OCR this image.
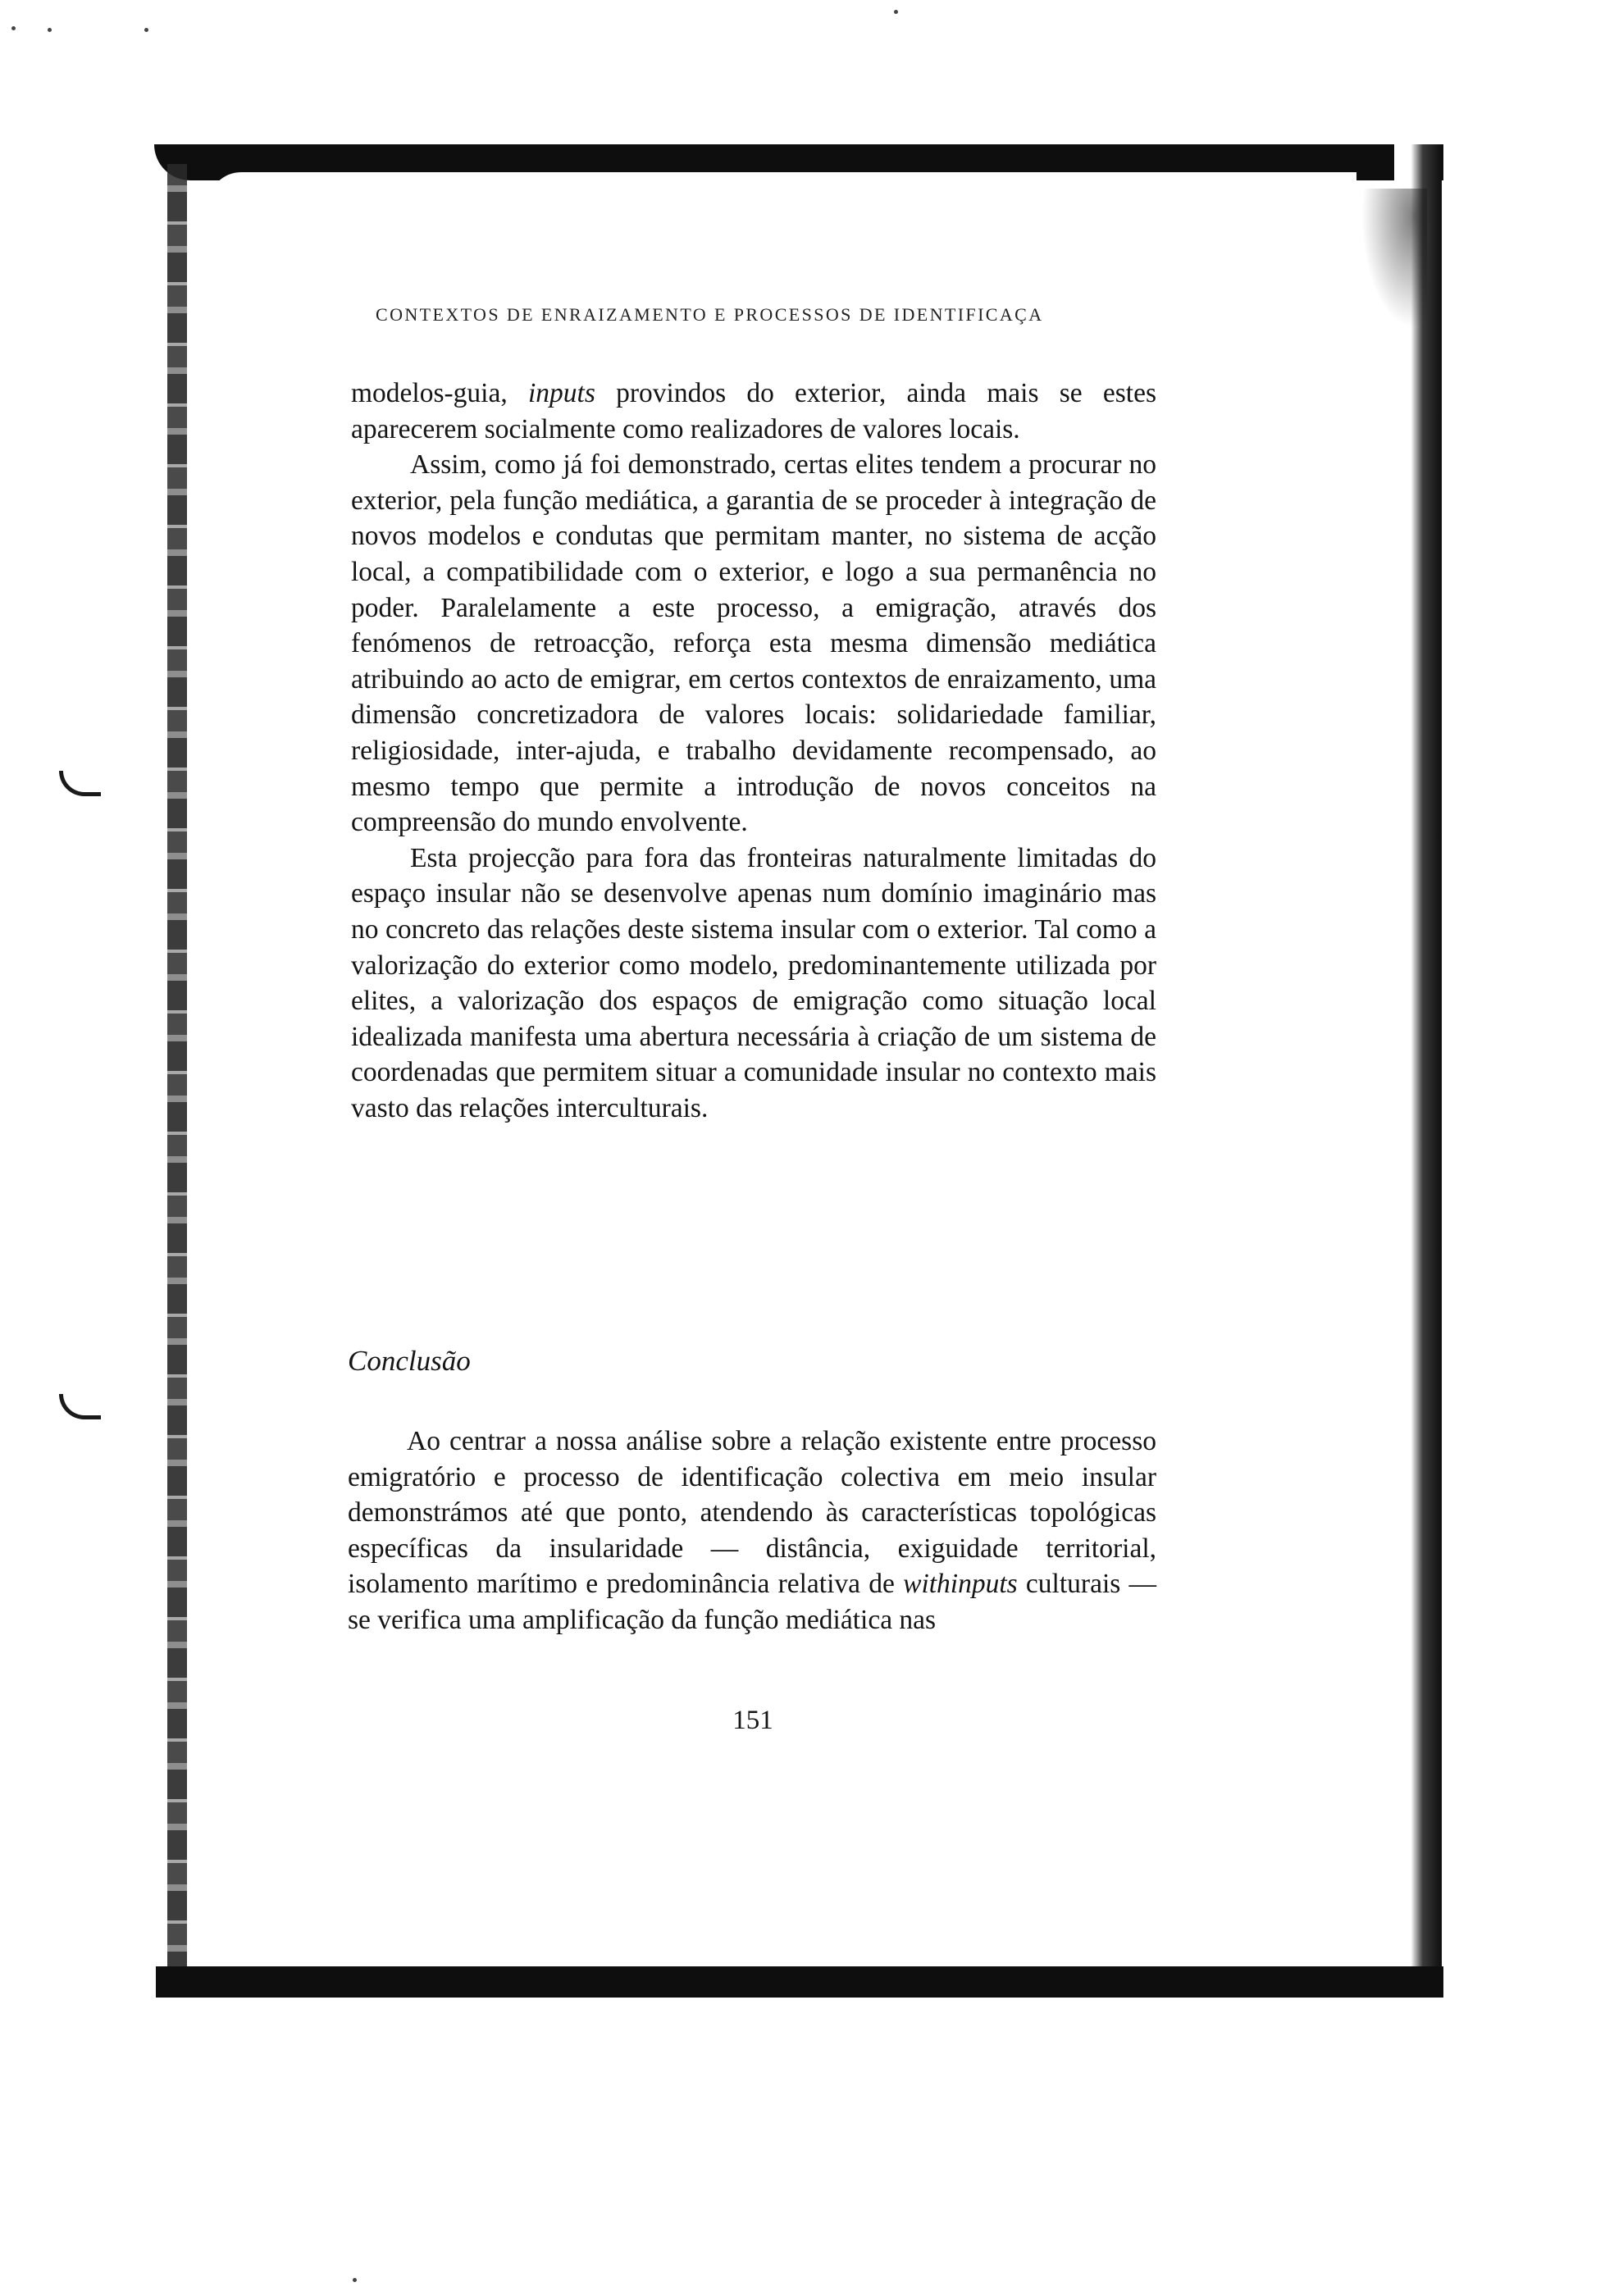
CONTEXTOS DE ENRAIZAMENTO E PROCESSOS DE IDENTIFICAÇA

modelos-guia, inputs provindos do exterior, ainda mais se estes aparecerem socialmente como realizadores de valores locais.

Assim, como já foi demonstrado, certas elites tendem a procurar no exterior, pela função mediática, a garantia de se proceder à integração de novos modelos e condutas que permitam manter, no sistema de acção local, a compatibilidade com o exterior, e logo a sua permanência no poder. Paralelamente a este processo, a emigração, através dos fenómenos de retroacção, reforça esta mesma dimensão mediática atribuindo ao acto de emigrar, em certos contextos de enraizamento, uma dimensão concretizadora de valores locais: solidariedade familiar, religiosidade, inter-ajuda, e trabalho devidamente recompensado, ao mesmo tempo que permite a introdução de novos conceitos na compreensão do mundo envolvente.

Esta projecção para fora das fronteiras naturalmente limitadas do espaço insular não se desenvolve apenas num domínio imaginário mas no concreto das relações deste sistema insular com o exterior. Tal como a valorização do exterior como modelo, predominantemente utilizada por elites, a valorização dos espaços de emigração como situação local idealizada manifesta uma abertura necessária à criação de um sistema de coordenadas que permitem situar a comunidade insular no contexto mais vasto das relações interculturais.

Conclusão

Ao centrar a nossa análise sobre a relação existente entre processo emigratório e processo de identificação colectiva em meio insular demonstrámos até que ponto, atendendo às características topológicas específicas da insularidade — distância, exiguidade territorial, isolamento marítimo e predominância relativa de withinputs culturais — se verifica uma amplificação da função mediática nas

151
